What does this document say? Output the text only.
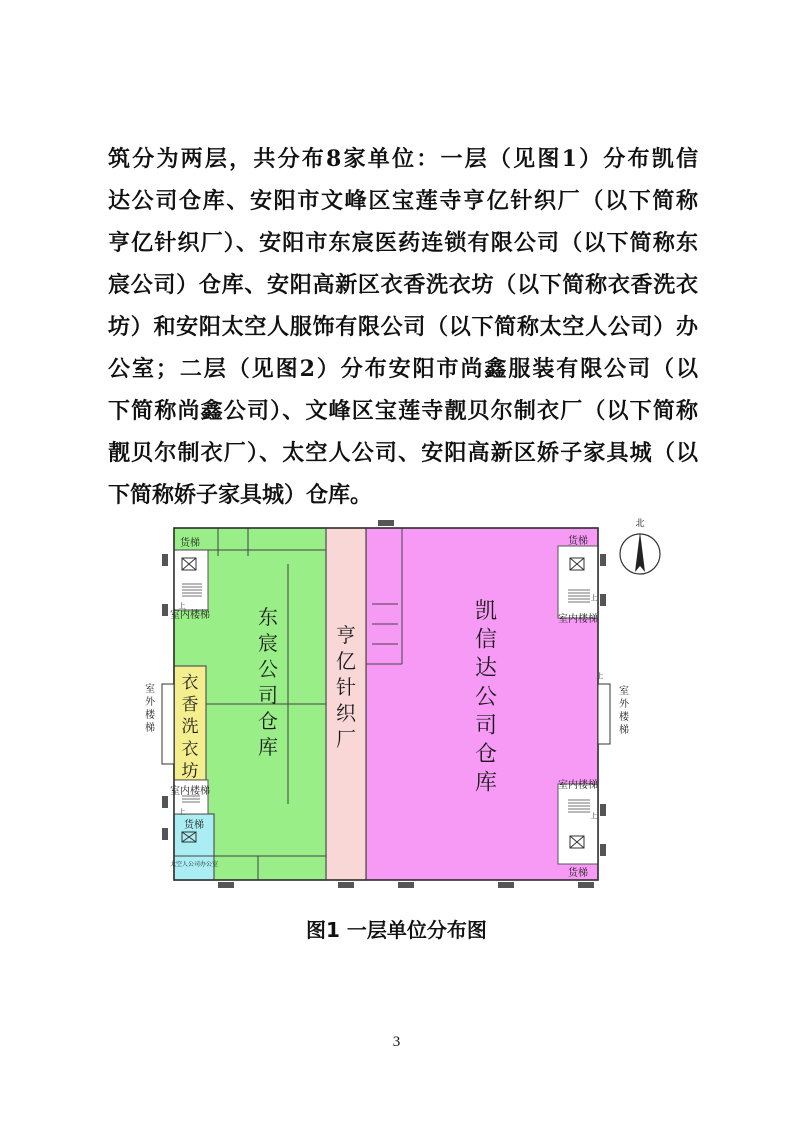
筑分为两层，共分布8家单位：一层（见图1）分布凯信
达公司仓库、安阳市文峰区宝莲寺亨亿针织厂（以下简称
亨亿针织厂）、安阳市东宸医药连锁有限公司（以下简称东
宸公司）仓库、安阳高新区衣香洗衣坊（以下简称衣香洗衣
坊）和安阳太空人服饰有限公司（以下简称太空人公司）办
公室；二层（见图2）分布安阳市尚鑫服装有限公司（以
下简称尚鑫公司）、文峰区宝莲寺靓贝尔制衣厂（以下简称
靓贝尔制衣厂）、太空人公司、安阳高新区娇子家具城（以
下简称娇子家具城）仓库。
北
货梯
室内楼梯
上
室内楼梯
上
货梯
货梯
室内楼梯
上
室内楼梯
上
货梯
上
室外楼梯
室外楼梯
东宸公司仓库
亨亿针织厂
凯信达公司仓库
衣香洗衣坊
太空人公司办公室
图1 一层单位分布图
3
